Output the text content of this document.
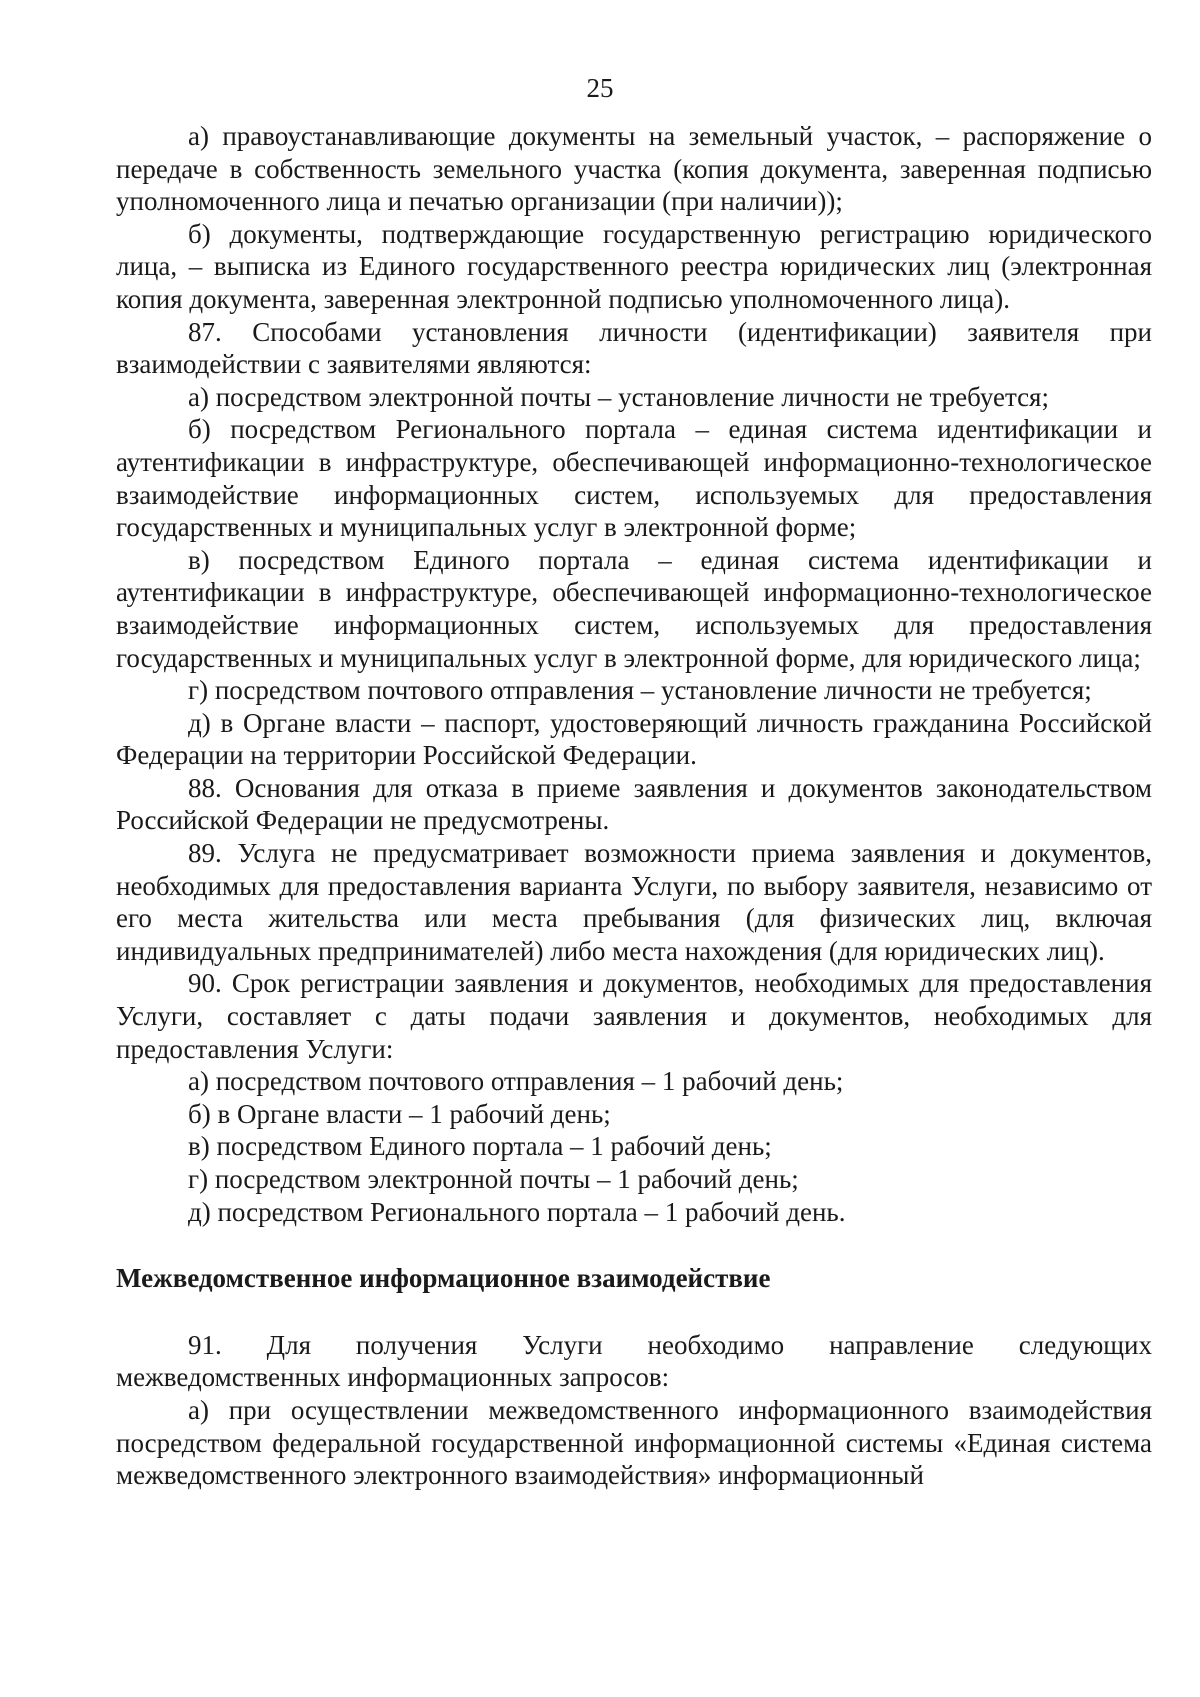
25

а) правоустанавливающие документы на земельный участок, – распоряжение о передаче в собственность земельного участка (копия документа, заверенная подписью уполномоченного лица и печатью организации (при наличии));

б) документы, подтверждающие государственную регистрацию юридического лица, – выписка из Единого государственного реестра юридических лиц (электронная копия документа, заверенная электронной подписью уполномоченного лица).

87. Способами установления личности (идентификации) заявителя при взаимодействии с заявителями являются:

а) посредством электронной почты – установление личности не требуется;

б) посредством Регионального портала – единая система идентификации и аутентификации в инфраструктуре, обеспечивающей информационно-технологическое взаимодействие информационных систем, используемых для предоставления государственных и муниципальных услуг в электронной форме;

в) посредством Единого портала – единая система идентификации и аутентификации в инфраструктуре, обеспечивающей информационно-технологическое взаимодействие информационных систем, используемых для предоставления государственных и муниципальных услуг в электронной форме, для юридического лица;

г) посредством почтового отправления – установление личности не требуется;

д) в Органе власти – паспорт, удостоверяющий личность гражданина Российской Федерации на территории Российской Федерации.

88. Основания для отказа в приеме заявления и документов законодательством Российской Федерации не предусмотрены.

89. Услуга не предусматривает возможности приема заявления и документов, необходимых для предоставления варианта Услуги, по выбору заявителя, независимо от его места жительства или места пребывания (для физических лиц, включая индивидуальных предпринимателей) либо места нахождения (для юридических лиц).

90. Срок регистрации заявления и документов, необходимых для предоставления Услуги, составляет с даты подачи заявления и документов, необходимых для предоставления Услуги:

а) посредством почтового отправления – 1 рабочий день;

б) в Органе власти – 1 рабочий день;

в) посредством Единого портала – 1 рабочий день;

г) посредством электронной почты – 1 рабочий день;

д) посредством Регионального портала – 1 рабочий день.

Межведомственное информационное взаимодействие

91. Для получения Услуги необходимо направление следующих межведомственных информационных запросов:

а) при осуществлении межведомственного информационного взаимодействия посредством федеральной государственной информационной системы «Единая система межведомственного электронного взаимодействия» информационный
